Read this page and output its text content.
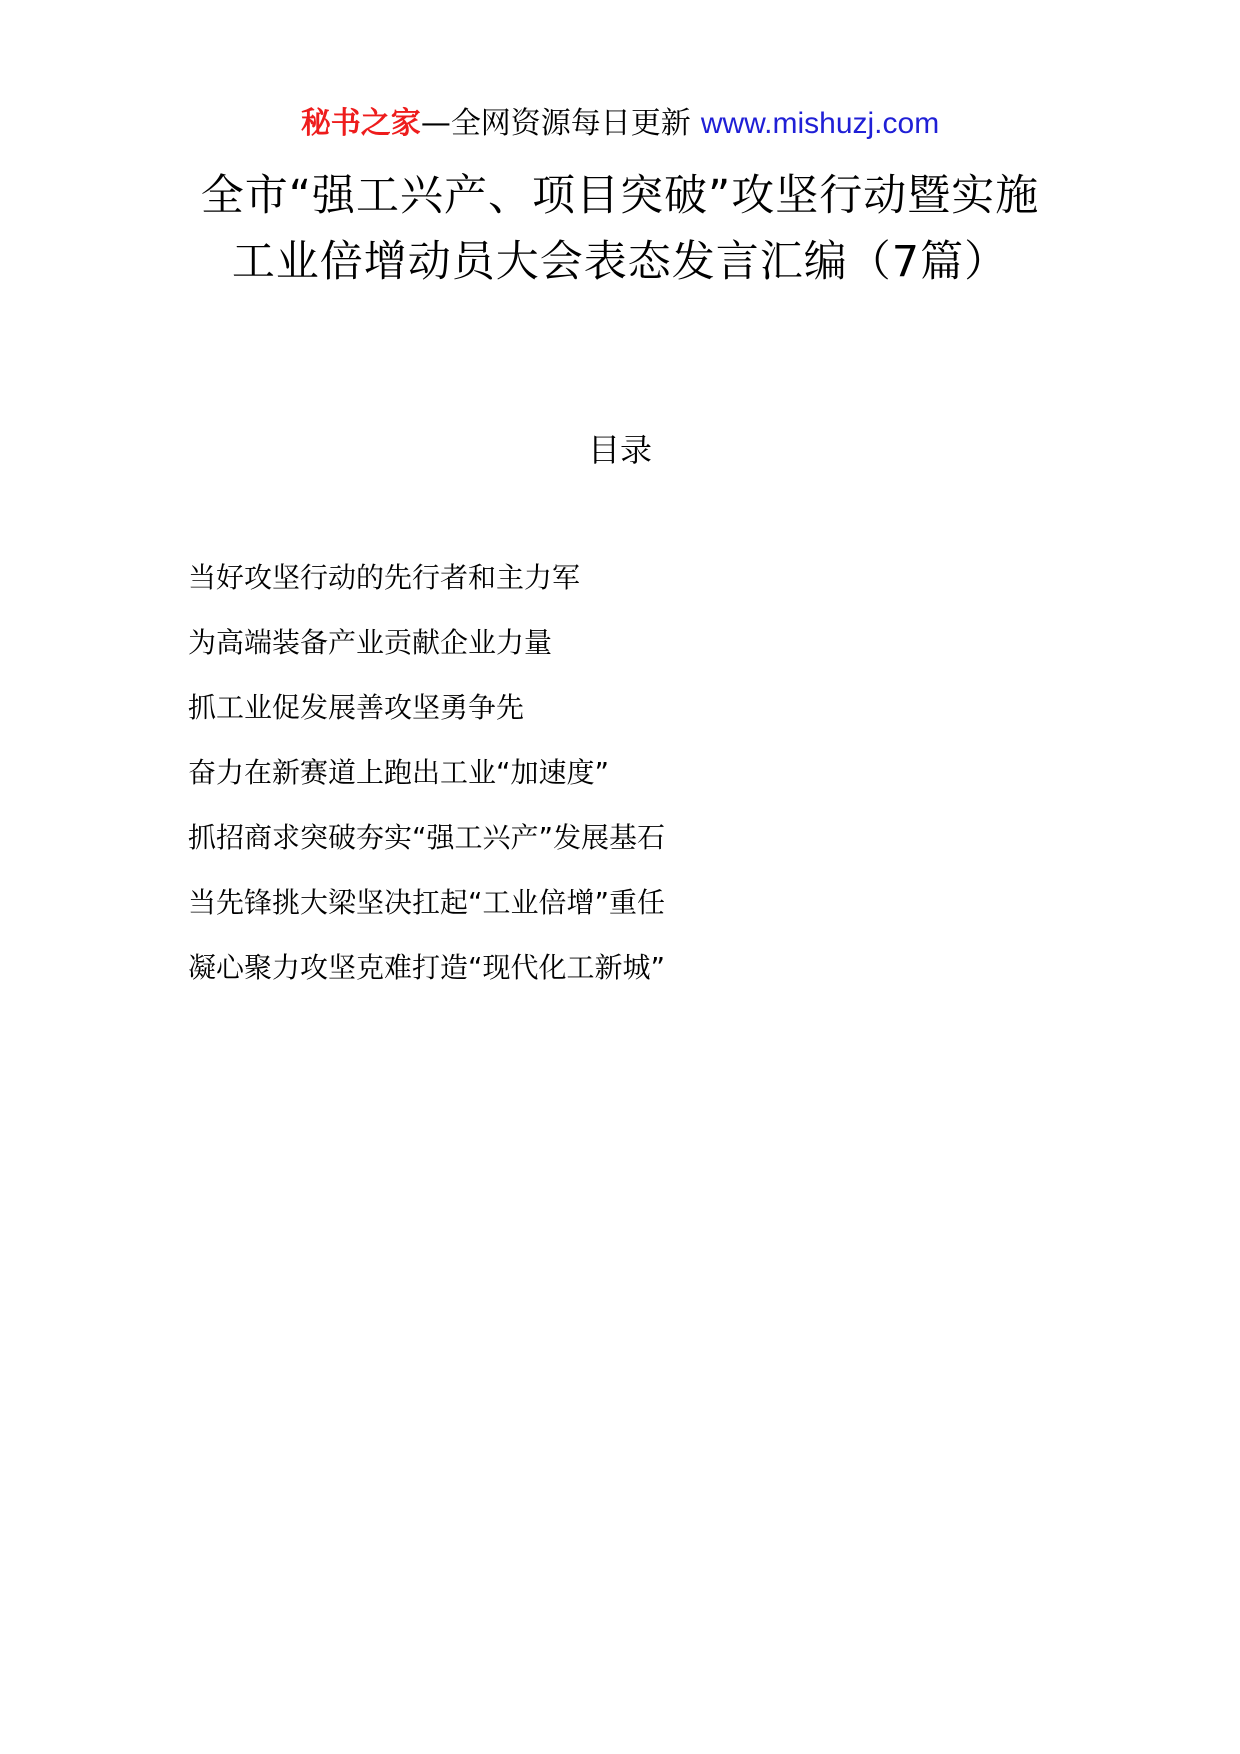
秘书之家—全网资源每日更新 www.mishuzj.com
全市“强工兴产、项目突破”攻坚行动暨实施工业倍增动员大会表态发言汇编（7篇）
目录
当好攻坚行动的先行者和主力军
为高端装备产业贡献企业力量
抓工业促发展善攻坚勇争先
奋力在新赛道上跑出工业“加速度”
抓招商求突破夯实“强工兴产”发展基石
当先锋挑大梁坚决扛起“工业倍增”重任
凝心聚力攻坚克难打造“现代化工新城”
